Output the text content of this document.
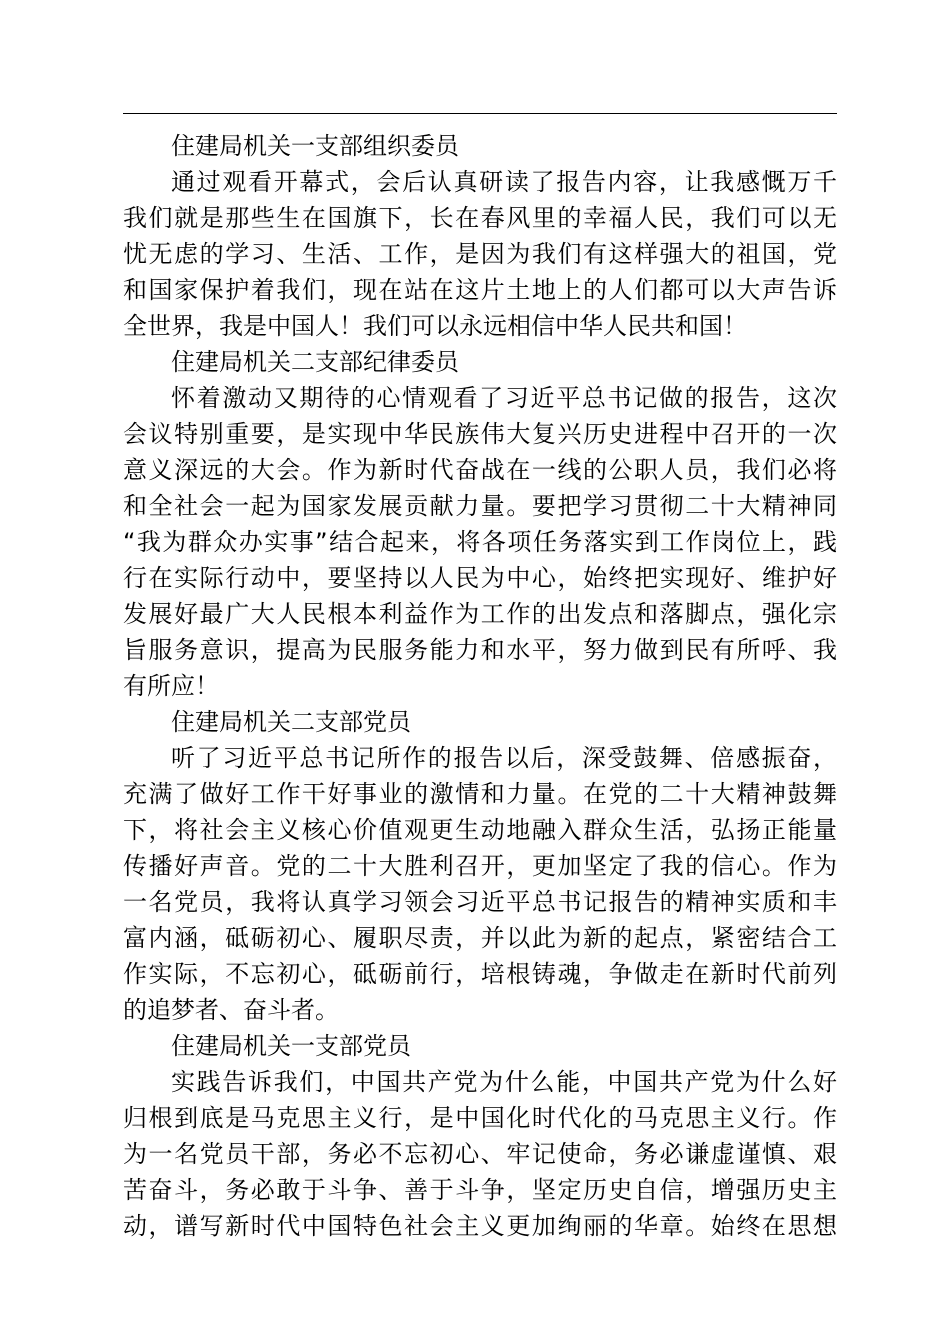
住建局机关一支部组织委员
通过观看开幕式，会后认真研读了报告内容，让我感慨万千
我们就是那些生在国旗下，长在春风里的幸福人民，我们可以无
忧无虑的学习、生活、工作，是因为我们有这样强大的祖国，党
和国家保护着我们，现在站在这片土地上的人们都可以大声告诉
全世界，我是中国人！我们可以永远相信中华人民共和国！
住建局机关二支部纪律委员
怀着激动又期待的心情观看了习近平总书记做的报告，这次
会议特别重要，是实现中华民族伟大复兴历史进程中召开的一次
意义深远的大会。作为新时代奋战在一线的公职人员，我们必将
和全社会一起为国家发展贡献力量。要把学习贯彻二十大精神同
“我为群众办实事”结合起来，将各项任务落实到工作岗位上，践
行在实际行动中，要坚持以人民为中心，始终把实现好、维护好
发展好最广大人民根本利益作为工作的出发点和落脚点，强化宗
旨服务意识，提高为民服务能力和水平，努力做到民有所呼、我
有所应！
住建局机关二支部党员
听了习近平总书记所作的报告以后，深受鼓舞、倍感振奋，
充满了做好工作干好事业的激情和力量。在党的二十大精神鼓舞
下，将社会主义核心价值观更生动地融入群众生活，弘扬正能量
传播好声音。党的二十大胜利召开，更加坚定了我的信心。作为
一名党员，我将认真学习领会习近平总书记报告的精神实质和丰
富内涵，砥砺初心、履职尽责，并以此为新的起点，紧密结合工
作实际，不忘初心，砥砺前行，培根铸魂，争做走在新时代前列
的追梦者、奋斗者。
住建局机关一支部党员
实践告诉我们，中国共产党为什么能，中国共产党为什么好
归根到底是马克思主义行，是中国化时代化的马克思主义行。作
为一名党员干部，务必不忘初心、牢记使命，务必谦虚谨慎、艰
苦奋斗，务必敢于斗争、善于斗争，坚定历史自信，增强历史主
动，谱写新时代中国特色社会主义更加绚丽的华章。始终在思想
